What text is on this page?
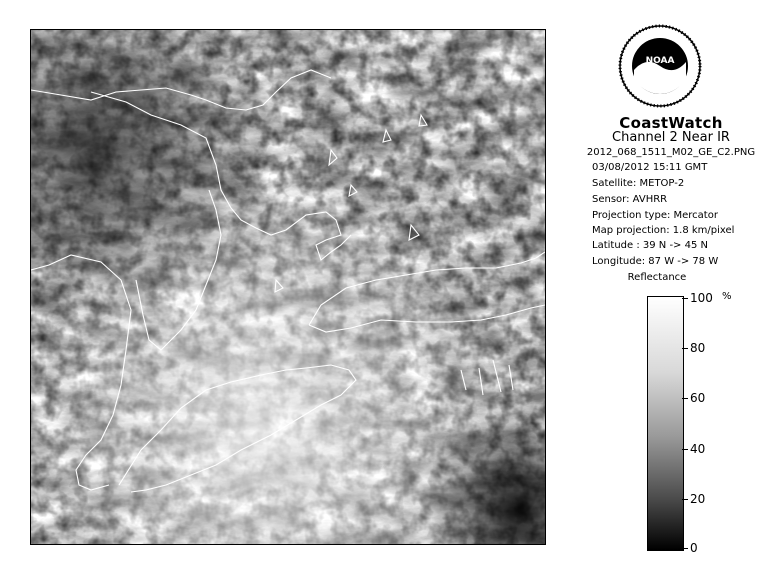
NOAA
CoastWatch
Channel 2 Near IR
2012_068_1511_M02_GE_C2.PNG
03/08/2012 15:11 GMT
Satellite: METOP-2
Sensor: AVHRR
Projection type: Mercator
Map projection: 1.8 km/pixel
Latitude : 39 N -> 45 N
Longitude: 87 W -> 78 W
Reflectance
%
100
80
60
40
20
0
